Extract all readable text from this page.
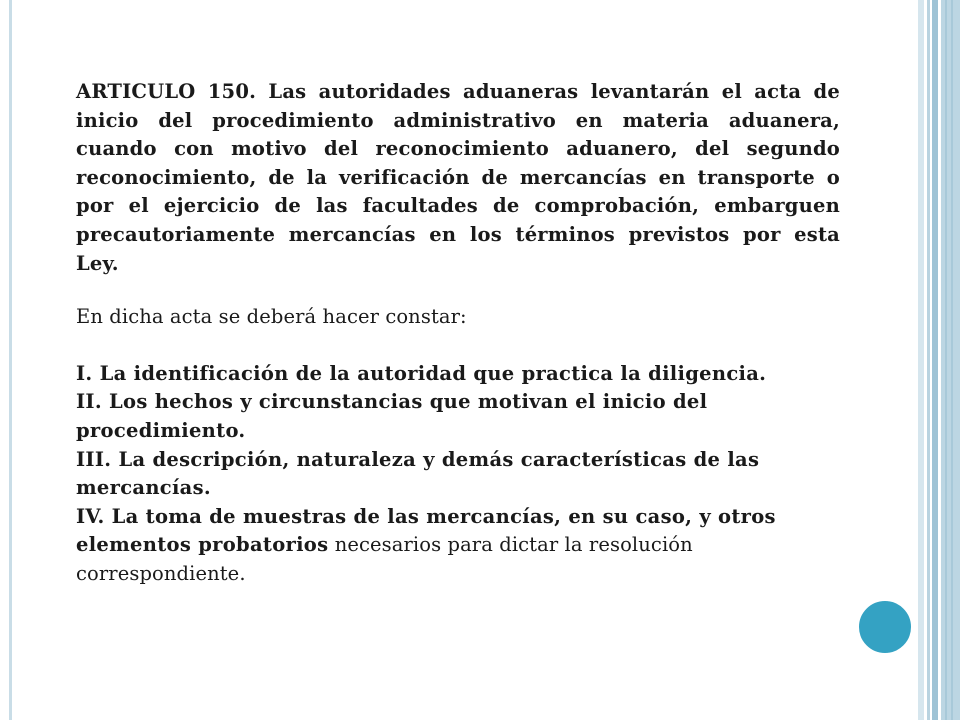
ARTICULO 150. Las autoridades aduaneras levantarán el acta de inicio del procedimiento administrativo en materia aduanera, cuando con motivo del reconocimiento aduanero, del segundo reconocimiento, de la verificación de mercancías en transporte o por el ejercicio de las facultades de comprobación, embarguen precautoriamente mercancías en los términos previstos por esta Ley.

En dicha acta se deberá hacer constar:

I. La identificación de la autoridad que practica la diligencia.
II. Los hechos y circunstancias que motivan el inicio del procedimiento.
III. La descripción, naturaleza y demás características de las mercancías.
IV. La toma de muestras de las mercancías, en su caso, y otros elementos probatorios necesarios para dictar la resolución correspondiente.
